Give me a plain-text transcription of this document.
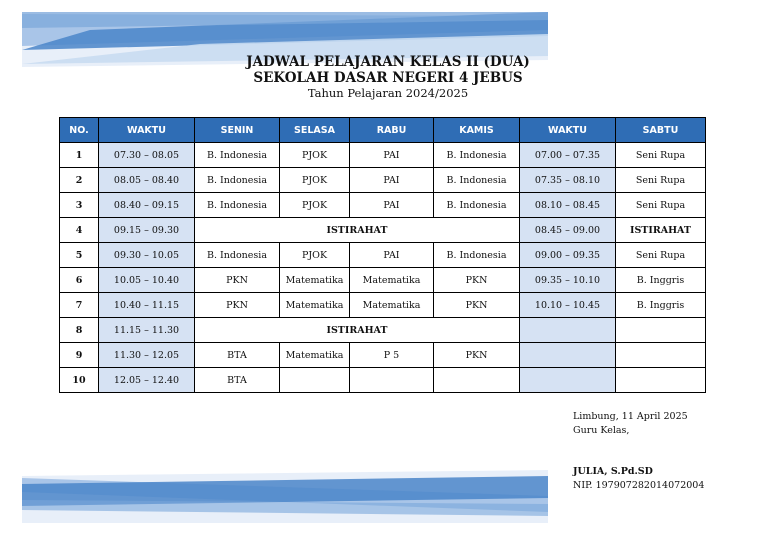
JADWAL PELAJARAN KELAS II (DUA)
SEKOLAH DASAR NEGERI 4 JEBUS
Tahun Pelajaran 2024/2025
NO.	WAKTU	SENIN	SELASA	RABU	KAMIS	WAKTU	SABTU
1	07.30 – 08.05	B. Indonesia	PJOK	PAI	B. Indonesia	07.00 – 07.35	Seni Rupa
2	08.05 – 08.40	B. Indonesia	PJOK	PAI	B. Indonesia	07.35 – 08.10	Seni Rupa
3	08.40 – 09.15	B. Indonesia	PJOK	PAI	B. Indonesia	08.10 – 08.45	Seni Rupa
4	09.15 – 09.30	ISTIRAHAT				08.45 – 09.00	ISTIRAHAT
5	09.30 – 10.05	B. Indonesia	PJOK	PAI	B. Indonesia	09.00 – 09.35	Seni Rupa
6	10.05 – 10.40	PKN	Matematika	Matematika	PKN	09.35 – 10.10	B. Inggris
7	10.40 – 11.15	PKN	Matematika	Matematika	PKN	10.10 – 10.45	B. Inggris
8	11.15 – 11.30	ISTIRAHAT					
9	11.30 – 12.05	BTA	Matematika	P 5	PKN		
10	12.05 – 12.40	BTA					
Limbung, 11 April 2025
Guru Kelas,
JULIA, S.Pd.SD
NIP. 197907282014072004
